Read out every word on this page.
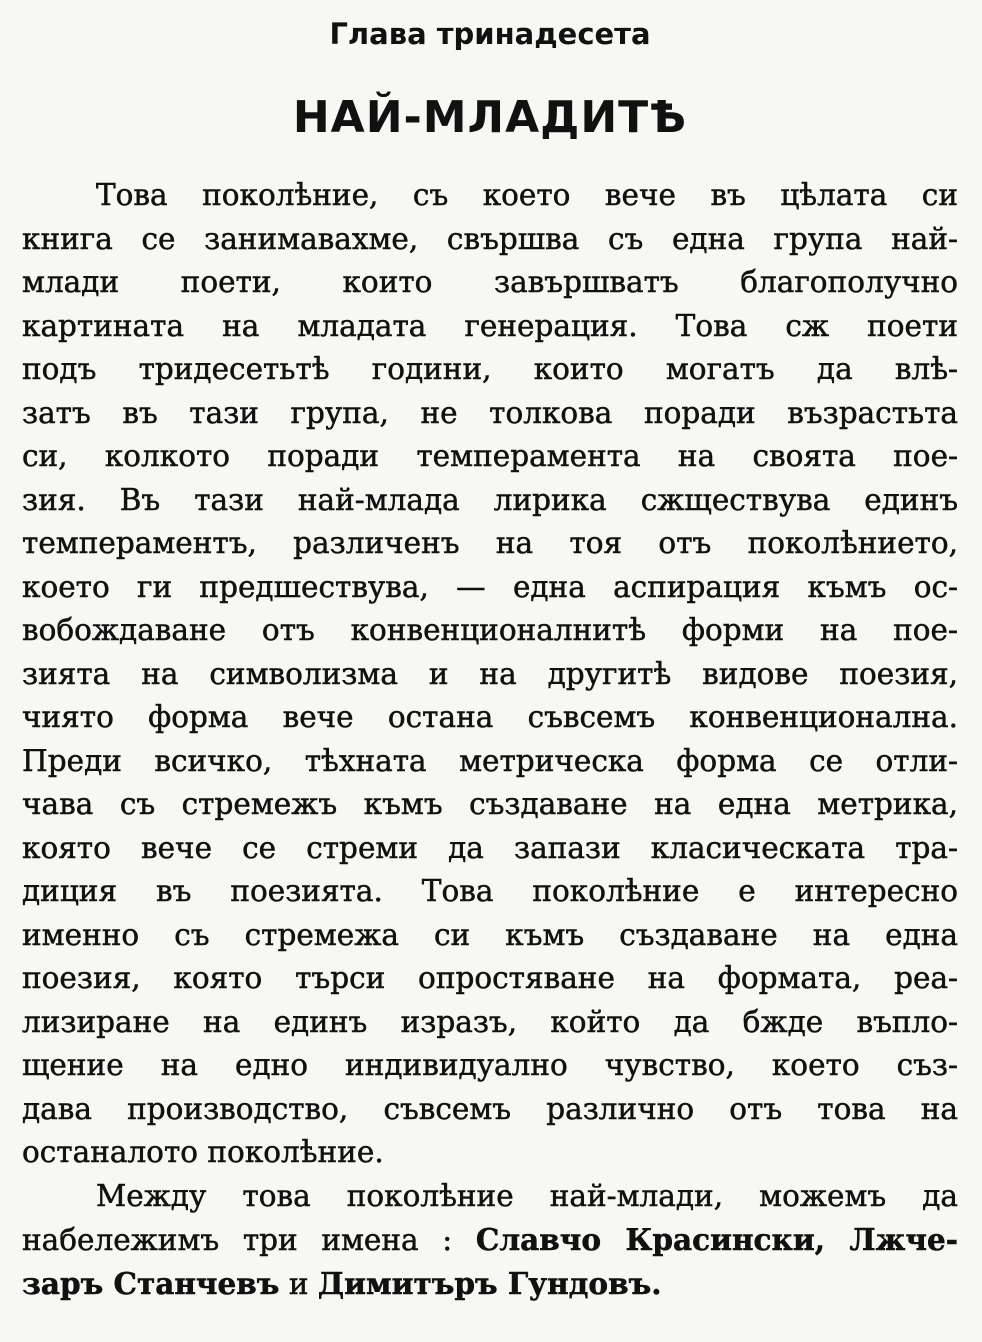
Глава тринадесета
НАЙ-МЛАДИТѢ
Това поколѣние, съ което вече въ цѣлата си
книга се занимавахме, свършва съ една група най-
млади поети, които завършватъ благополучно
картината на младата генерация. Това сж поети
подъ тридесетьтѣ години, които могатъ да влѣ-
затъ въ тази група, не толкова поради възрастьта
си, колкото поради темперамента на своята пое-
зия. Въ тази най-млада лирика сжществува единъ
темпераментъ, различенъ на тоя отъ поколѣнието,
което ги предшествува, — една аспирация къмъ ос-
вобождаване отъ конвенционалнитѣ форми на пое-
зията на символизма и на другитѣ видове поезия,
чиято форма вече остана съвсемъ конвенционална.
Преди всичко, тѣхната метрическа форма се отли-
чава съ стремежъ къмъ създаване на една метрика,
която вече се стреми да запази класическата тра-
диция въ поезията. Това поколѣние е интересно
именно съ стремежа си къмъ създаване на една
поезия, която търси опростяване на формата, реа-
лизиране на единъ изразъ, който да бжде въпло-
щение на едно индивидуално чувство, което съз-
дава производство, съвсемъ различно отъ това на
останалото поколѣние.
Между това поколѣние най-млади, можемъ да
набележимъ три имена : Славчо Красински, Лжче-
заръ Станчевъ и Димитъръ Гундовъ.
